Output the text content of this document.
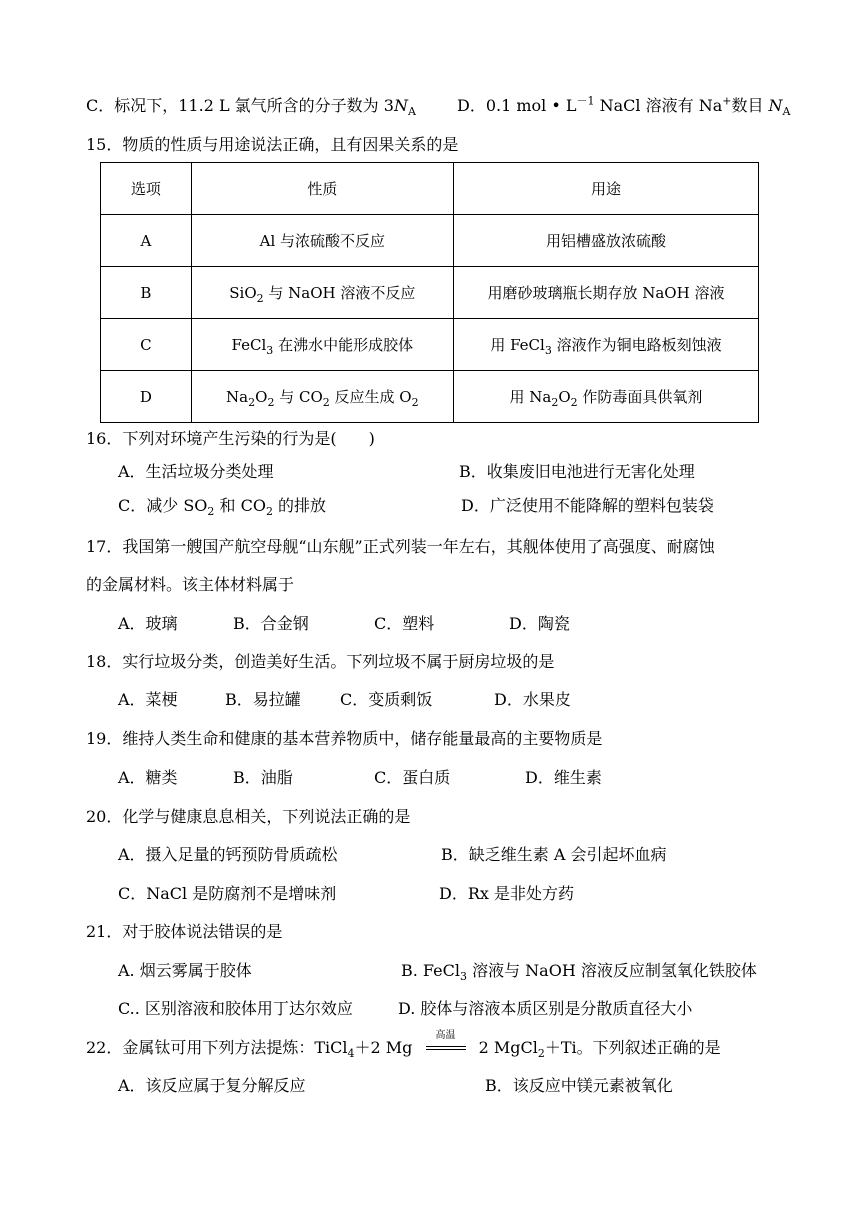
C．标况下，11.2 L 氯气所含的分子数为 $3N_A$	D．0.1 mol • $L^{-1}$ NaCl 溶液有 Na+数目 $N_A$
15．物质的性质与用途说法正确，且有因果关系的是
选项	性质	用途
A	Al 与浓硫酸不反应	用铝槽盛放浓硫酸
B	SiO$_2$ 与 NaOH 溶液不反应	用磨砂玻璃瓶长期存放 NaOH 溶液
C	FeCl$_3$ 在沸水中能形成胶体	用 FeCl$_3$ 溶液作为铜电路板刻蚀液
D	$Na_2O_2$ 与 $CO_2$ 反应生成 $O_2$	用 $Na_2O_2$ 作防毒面具供氧剂
16．下列对环境产生污染的行为是(　　)
A．生活垃圾分类处理	B．收集废旧电池进行无害化处理
C．减少 $SO_2$ 和 $CO_2$ 的排放	D．广泛使用不能降解的塑料包装袋
17．我国第一艘国产航空母舰“山东舰”正式列装一年左右，其舰体使用了高强度、耐腐蚀
的金属材料。该主体材料属于
A．玻璃	B．合金钢	C．塑料	D．陶瓷
18．实行垃圾分类，创造美好生活。下列垃圾不属于厨房垃圾的是
A．菜梗	B．易拉罐 C．变质剩饭	D．水果皮
19．维持人类生命和健康的基本营养物质中，储存能量最高的主要物质是
A．糖类	B．油脂	C．蛋白质	D．维生素
20．化学与健康息息相关，下列说法正确的是
A．摄入足量的钙预防骨质疏松	B．缺乏维生素 A 会引起坏血病
C．NaCl 是防腐剂不是增味剂	D．Rx 是非处方药
21．对于胶体说法错误的是
A. 烟云雾属于胶体	B. FeCl$_3$ 溶液与 NaOH 溶液反应制氢氧化铁胶体
C.. 区别溶液和胶体用丁达尔效应	D. 胶体与溶液本质区别是分散质直径大小
22．金属钛可用下列方法提炼：TiCl$_4$＋2 Mg
高温
2 MgCl$_2$＋Ti。下列叙述正确的是
A．该反应属于复分解反应	B．该反应中镁元素被氧化
